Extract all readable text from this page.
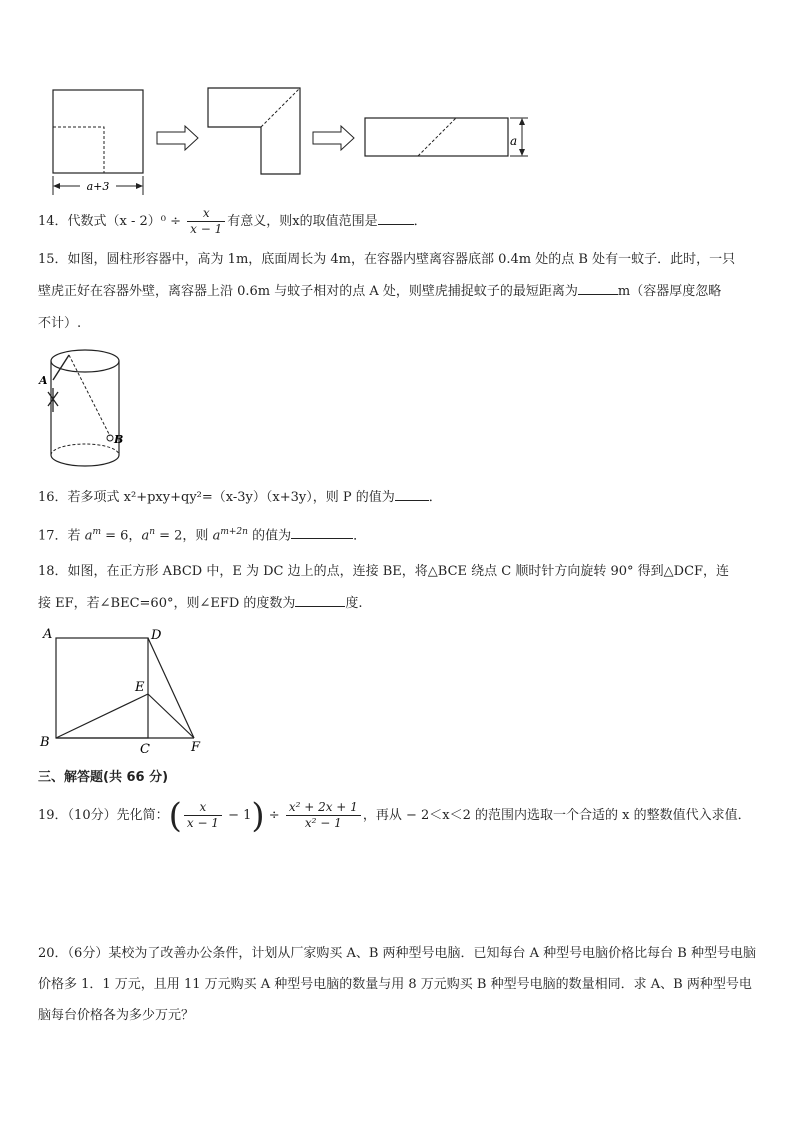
a+3
a
14．代数式$(x - 2)^0 \div \frac{x}{x - 1}$ 有意义，则x的取值范围是	．
15．如图，圆柱形容器中，高为 1m，底面周长为 4m，在容器内壁离容器底部 0.4m 处的点 B 处有一蚊子．此时，一只
壁虎正好在容器外壁，离容器上沿 0.6m 与蚊子相对的点 A 处，则壁虎捕捉蚊子的最短距离为	m（容器厚度忽略
不计）.
A
B
16．若多项式 x²+pxy+qy²=（x-3y）（x+3y），则 P 的值为	．
17．若 $a^m = 6$，$a^n = 2$，则 $a^{m+2n}$ 的值为	．
18．如图，在正方形 ABCD 中，E 为 DC 边上的点，连接 BE，将△BCE 绕点 C 顺时针方向旋转 90° 得到△DCF，连
接 EF，若∠BEC=60°，则∠EFD 的度数为	度.
A	D
E
B	C	F
三、解答题(共 66 分)
19．（10分）先化简：( $\frac{x}{x - 1} - 1) \div \frac{\text{x² + 2x + 1}}{\text{x² − 1}}$ ，再从 − 2＜x＜2 的范围内选取一个合适的 x 的整数值代入求值．
20．（6分）某校为了改善办公条件，计划从厂家购买 A、B 两种型号电脑．已知每台 A 种型号电脑价格比每台 B 种型号电脑价格多 1．1 万元，且用 11 万元购买 A 种型号电脑的数量与用 8 万元购买 B 种型号电脑的数量相同．求 A、B 两种型号电脑每台价格各为多少万元？
